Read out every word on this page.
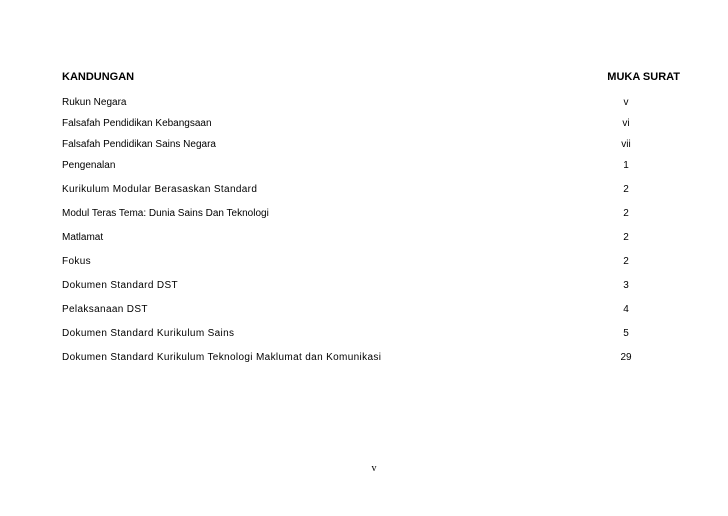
KANDUNGAN	MUKA SURAT
Rukun Negara	v
Falsafah Pendidikan Kebangsaan	vi
Falsafah Pendidikan Sains Negara	vii
Pengenalan	1
Kurikulum Modular Berasaskan Standard	2
Modul Teras Tema: Dunia Sains Dan Teknologi	2
Matlamat	2
Fokus	2
Dokumen Standard DST	3
Pelaksanaan DST	4
Dokumen Standard Kurikulum Sains	5
Dokumen Standard Kurikulum Teknologi Maklumat dan Komunikasi	29
v
